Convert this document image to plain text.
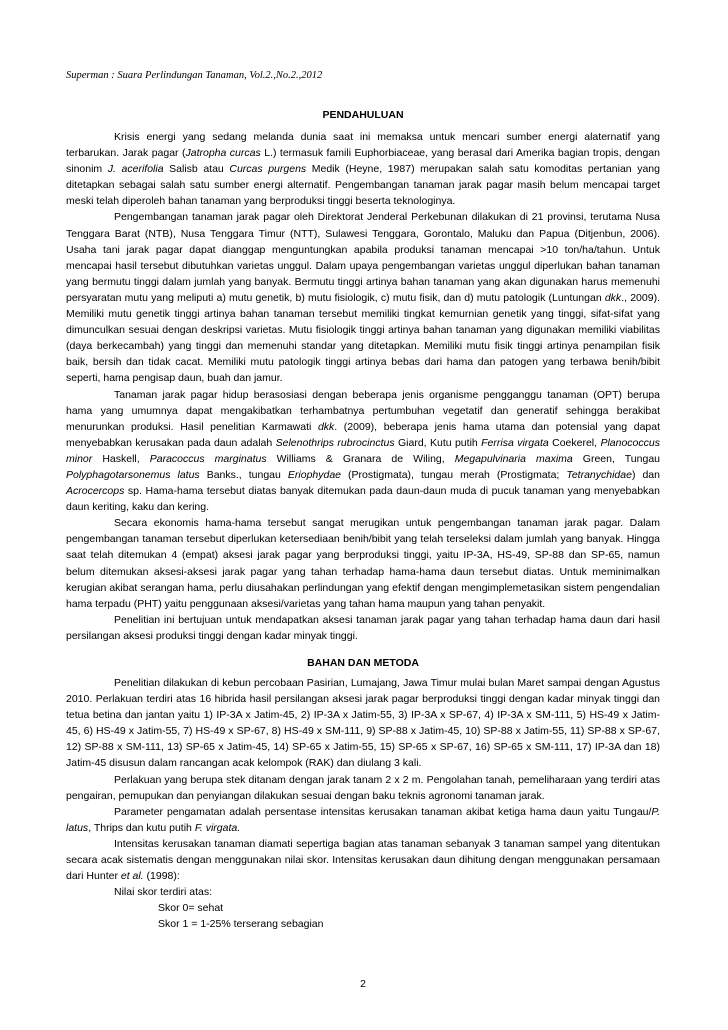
Superman : Suara Perlindungan Tanaman, Vol.2.,No.2.,2012
PENDAHULUAN

Krisis energi yang sedang melanda dunia saat ini memaksa untuk mencari sumber energi alaternatif yang terbarukan. Jarak pagar (Jatropha curcas L.) termasuk famili Euphorbiaceae, yang berasal dari Amerika bagian tropis, dengan sinonim J. acerifolia Salisb atau Curcas purgens Medik (Heyne, 1987) merupakan salah satu komoditas pertanian yang ditetapkan sebagai salah satu sumber energi alternatif. Pengembangan tanaman jarak pagar masih belum mencapai target meski telah diperoleh bahan tanaman yang berproduksi tinggi beserta teknologinya.

Pengembangan tanaman jarak pagar oleh Direktorat Jenderal Perkebunan dilakukan di 21 provinsi, terutama Nusa Tenggara Barat (NTB), Nusa Tenggara Timur (NTT), Sulawesi Tenggara, Gorontalo, Maluku dan Papua (Ditjenbun, 2006). Usaha tani jarak pagar dapat dianggap menguntungkan apabila produksi tanaman mencapai >10 ton/ha/tahun. Untuk mencapai hasil tersebut dibutuhkan varietas unggul. Dalam upaya pengembangan varietas unggul diperlukan bahan tanaman yang bermutu tinggi dalam jumlah yang banyak. Bermutu tinggi artinya bahan tanaman yang akan digunakan harus memenuhi persyaratan mutu yang meliputi a) mutu genetik, b) mutu fisiologik, c) mutu fisik, dan d) mutu patologik (Luntungan dkk., 2009). Memiliki mutu genetik tinggi artinya bahan tanaman tersebut memiliki tingkat kemurnian genetik yang tinggi, sifat-sifat yang dimunculkan sesuai dengan deskripsi varietas. Mutu fisiologik tinggi artinya bahan tanaman yang digunakan memiliki viabilitas (daya berkecambah) yang tinggi dan memenuhi standar yang ditetapkan. Memiliki mutu fisik tinggi artinya penampilan fisik baik, bersih dan tidak cacat. Memiliki mutu patologik tinggi artinya bebas dari hama dan patogen yang terbawa benih/bibit seperti, hama pengisap daun, buah dan jamur.

Tanaman jarak pagar hidup berasosiasi dengan beberapa jenis organisme pengganggu tanaman (OPT) berupa hama yang umumnya dapat mengakibatkan terhambatnya pertumbuhan vegetatif dan generatif sehingga berakibat menurunkan produksi. Hasil penelitian Karmawati dkk. (2009), beberapa jenis hama utama dan potensial yang dapat menyebabkan kerusakan pada daun adalah Selenothrips rubrocinctus Giard, Kutu putih Ferrisa virgata Coekerel, Planococcus minor Haskell, Paracoccus marginatus Williams & Granara de Wiling, Megapulvinaria maxima Green, Tungau Polyphagotarsonemus latus Banks., tungau Eriophydae (Prostigmata), tungau merah (Prostigmata; Tetranychidae) dan Acrocercops sp. Hama-hama tersebut diatas banyak ditemukan pada daun-daun muda di pucuk tanaman yang menyebabkan daun keriting, kaku dan kering.

Secara ekonomis hama-hama tersebut sangat merugikan untuk pengembangan tanaman jarak pagar. Dalam pengembangan tanaman tersebut diperlukan ketersediaan benih/bibit yang telah terseleksi dalam jumlah yang banyak. Hingga saat telah ditemukan 4 (empat) aksesi jarak pagar yang berproduksi tinggi, yaitu IP-3A, HS-49, SP-88 dan SP-65, namun belum ditemukan aksesi-aksesi jarak pagar yang tahan terhadap hama-hama daun tersebut diatas. Untuk meminimalkan kerugian akibat serangan hama, perlu diusahakan perlindungan yang efektif dengan mengimplemetasikan sistem pengendalian hama terpadu (PHT) yaitu penggunaan aksesi/varietas yang tahan hama maupun yang tahan penyakit.

Penelitian ini bertujuan untuk mendapatkan aksesi tanaman jarak pagar yang tahan terhadap hama daun dari hasil persilangan aksesi produksi tinggi dengan kadar minyak tinggi.

BAHAN DAN METODA

Penelitian dilakukan di kebun percobaan Pasirian, Lumajang, Jawa Timur mulai bulan Maret sampai dengan Agustus 2010. Perlakuan terdiri atas 16 hibrida hasil persilangan aksesi jarak pagar berproduksi tinggi dengan kadar minyak tinggi dan tetua betina dan jantan yaitu 1) IP-3A x Jatim-45, 2) IP-3A x Jatim-55, 3) IP-3A x SP-67, 4) IP-3A x SM-111, 5) HS-49 x Jatim-45, 6) HS-49 x Jatim-55, 7) HS-49 x SP-67, 8) HS-49 x SM-111, 9) SP-88 x Jatim-45, 10) SP-88 x Jatim-55, 11) SP-88 x SP-67, 12) SP-88 x SM-111, 13) SP-65 x Jatim-45, 14) SP-65 x Jatim-55, 15) SP-65 x SP-67, 16) SP-65 x SM-111, 17) IP-3A dan 18) Jatim-45 disusun dalam rancangan acak kelompok (RAK) dan diulang 3 kali.

Perlakuan yang berupa stek ditanam dengan jarak tanam 2 x 2 m. Pengolahan tanah, pemeliharaan yang terdiri atas pengairan, pemupukan dan penyiangan dilakukan sesuai dengan baku teknis agronomi tanaman jarak.

Parameter pengamatan adalah persentase intensitas kerusakan tanaman akibat ketiga hama daun yaitu Tungau/P. latus, Thrips dan kutu putih F. virgata.

Intensitas kerusakan tanaman diamati sepertiga bagian atas tanaman sebanyak 3 tanaman sampel yang ditentukan secara acak sistematis dengan menggunakan nilai skor. Intensitas kerusakan daun dihitung dengan menggunakan persamaan dari Hunter et al. (1998):

Nilai skor terdiri atas:
Skor 0= sehat
Skor 1 = 1-25% terserang sebagian
2
